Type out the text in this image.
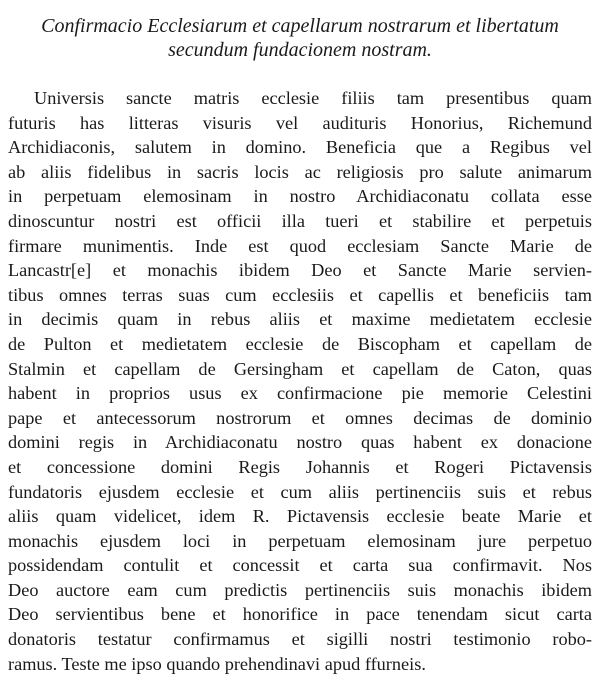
Confirmacio Ecclesiarum et capellarum nostrarum et libertatum
secundum fundacionem nostram.
Universis sancte matris ecclesie filiis tam presentibus quam
futuris has litteras visuris vel audituris Honorius, Richemund
Archidiaconis, salutem in domino. Beneficia que a Regibus vel
ab aliis fidelibus in sacris locis ac religiosis pro salute animarum
in perpetuam elemosinam in nostro Archidiaconatu collata esse
dinoscuntur nostri est officii illa tueri et stabilire et perpetuis
firmare munimentis. Inde est quod ecclesiam Sancte Marie de
Lancastr[e] et monachis ibidem Deo et Sancte Marie servien-
tibus omnes terras suas cum ecclesiis et capellis et beneficiis tam
in decimis quam in rebus aliis et maxime medietatem ecclesie
de Pulton et medietatem ecclesie de Biscopham et capellam de
Stalmin et capellam de Gersingham et capellam de Caton, quas
habent in proprios usus ex confirmacione pie memorie Celestini
pape et antecessorum nostrorum et omnes decimas de dominio
domini regis in Archidiaconatu nostro quas habent ex donacione
et concessione domini Regis Johannis et Rogeri Pictavensis
fundatoris ejusdem ecclesie et cum aliis pertinenciis suis et rebus
aliis quam videlicet, idem R. Pictavensis ecclesie beate Marie et
monachis ejusdem loci in perpetuam elemosinam jure perpetuo
possidendam contulit et concessit et carta sua confirmavit. Nos
Deo auctore eam cum predictis pertinenciis suis monachis ibidem
Deo servientibus bene et honorifice in pace tenendam sicut carta
donatoris testatur confirmamus et sigilli nostri testimonio robo-
ramus. Teste me ipso quando prehendinavi apud ffurneis.
